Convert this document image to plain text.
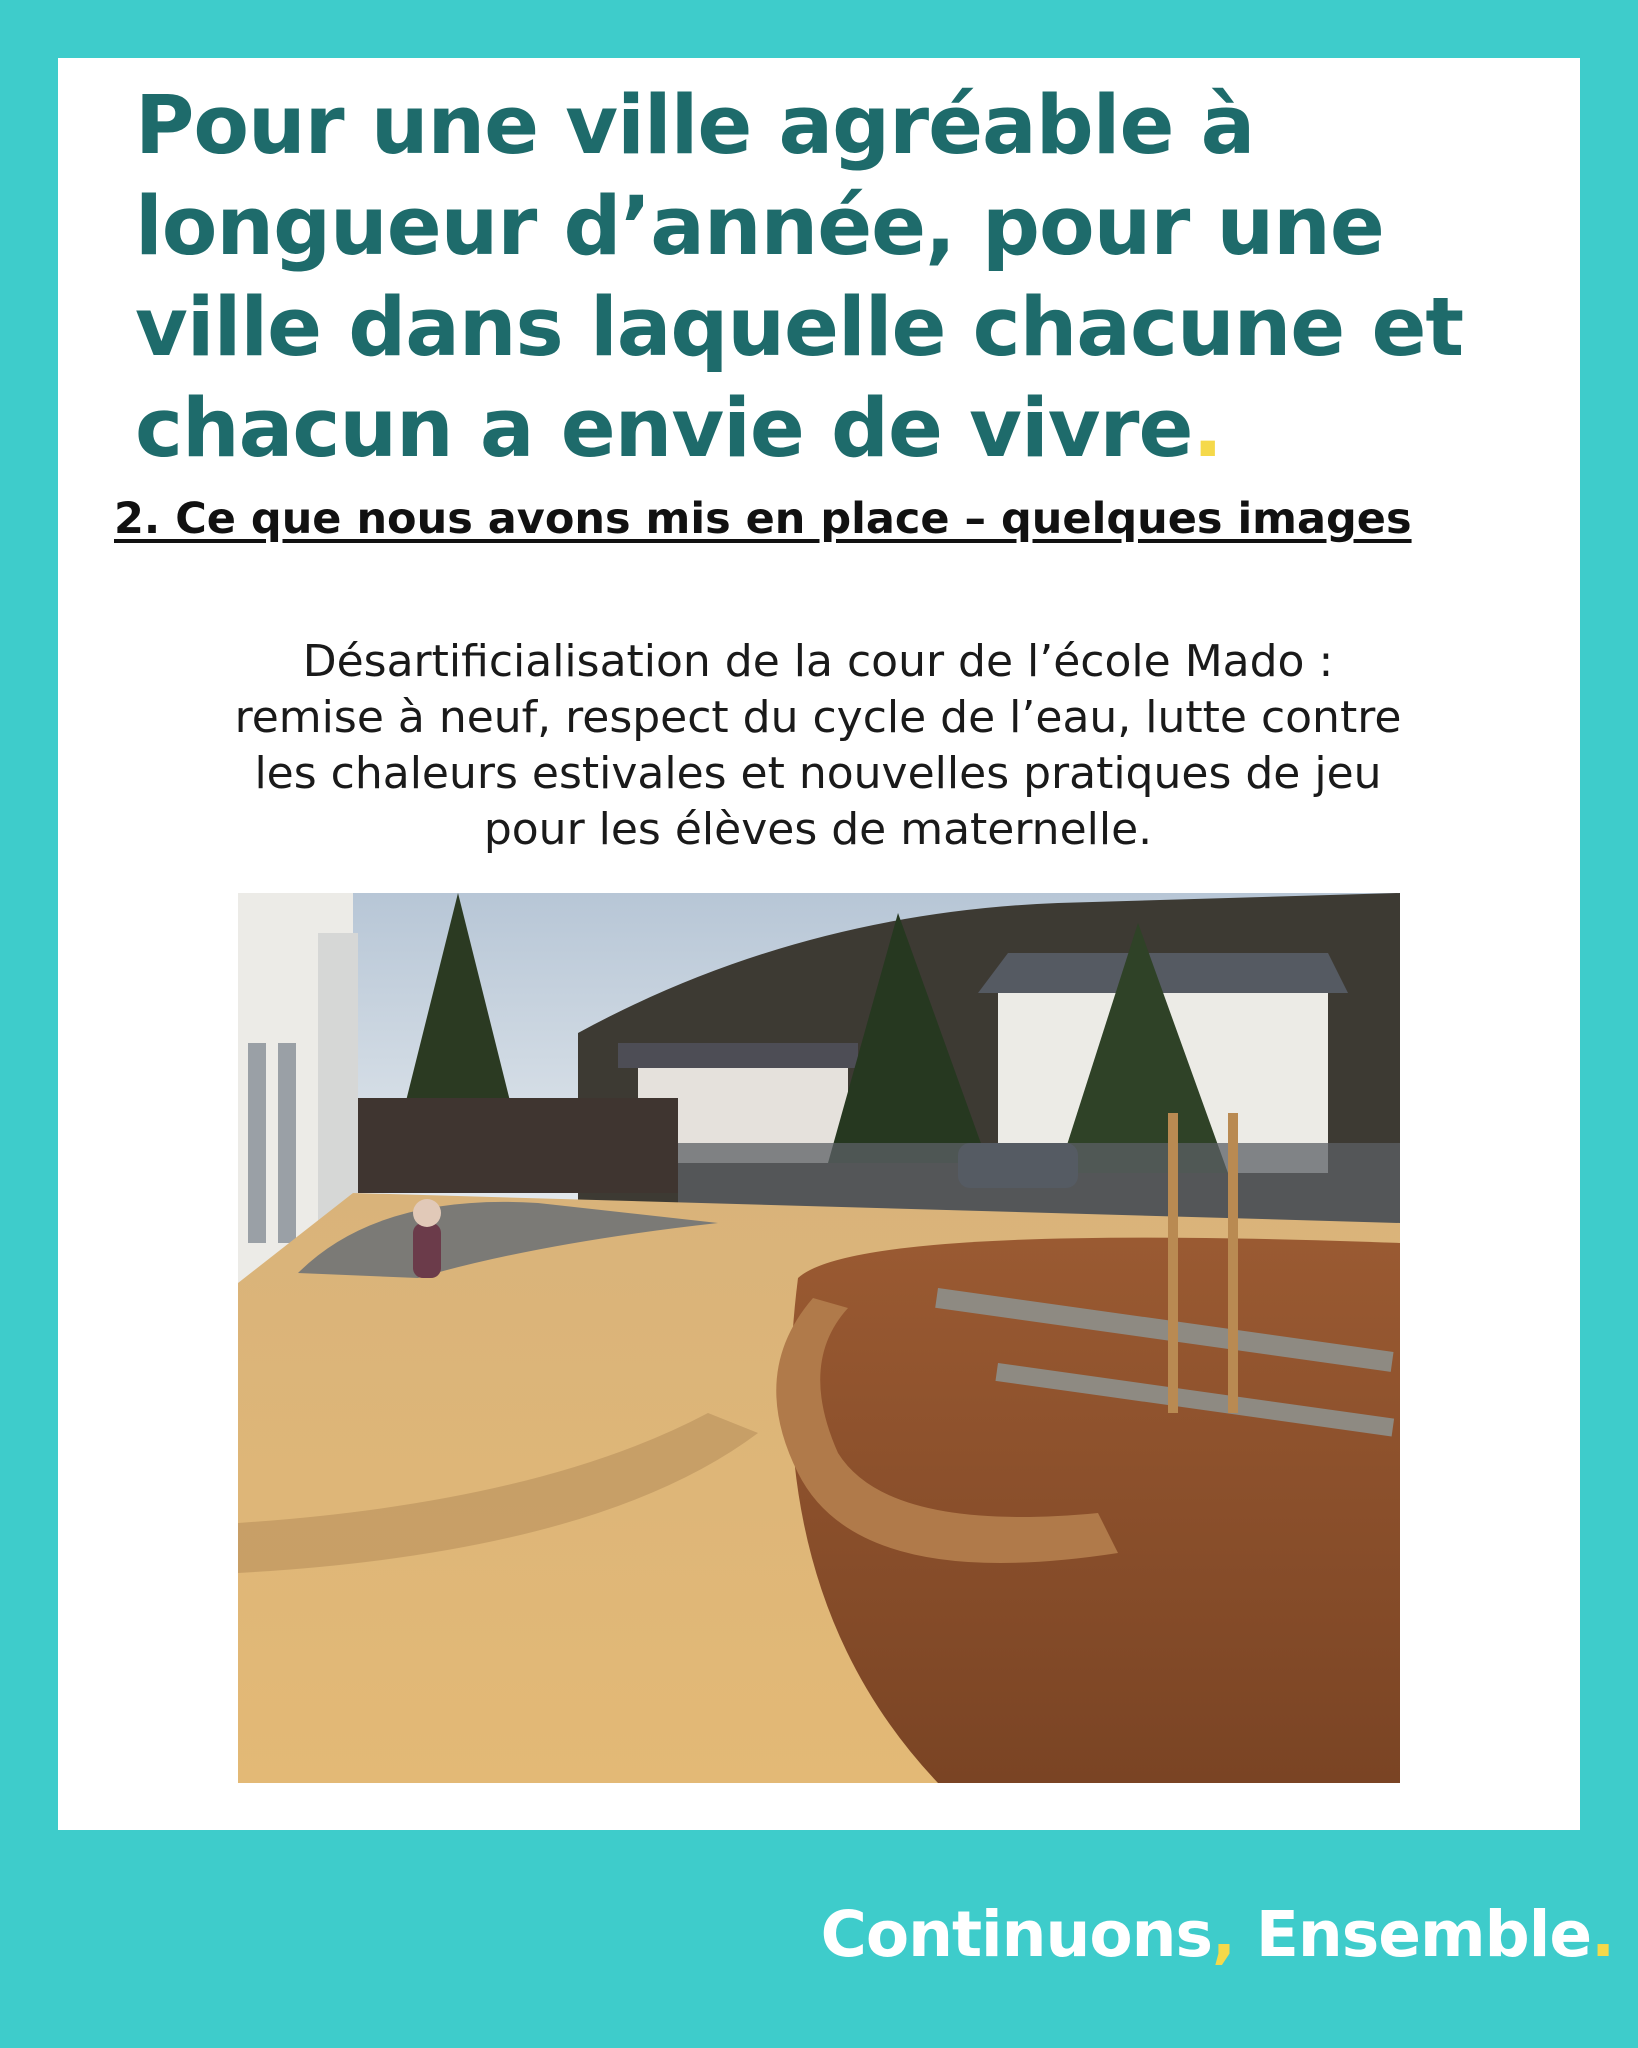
Pour une ville agréable à longueur d’année, pour une ville dans laquelle chacune et chacun a envie de vivre.
2. Ce que nous avons mis en place – quelques images
Désartificialisation de la cour de l’école Mado :
remise à neuf, respect du cycle de l’eau, lutte contre
les chaleurs estivales et nouvelles pratiques de jeu
pour les élèves de maternelle.
Continuons, Ensemble.
